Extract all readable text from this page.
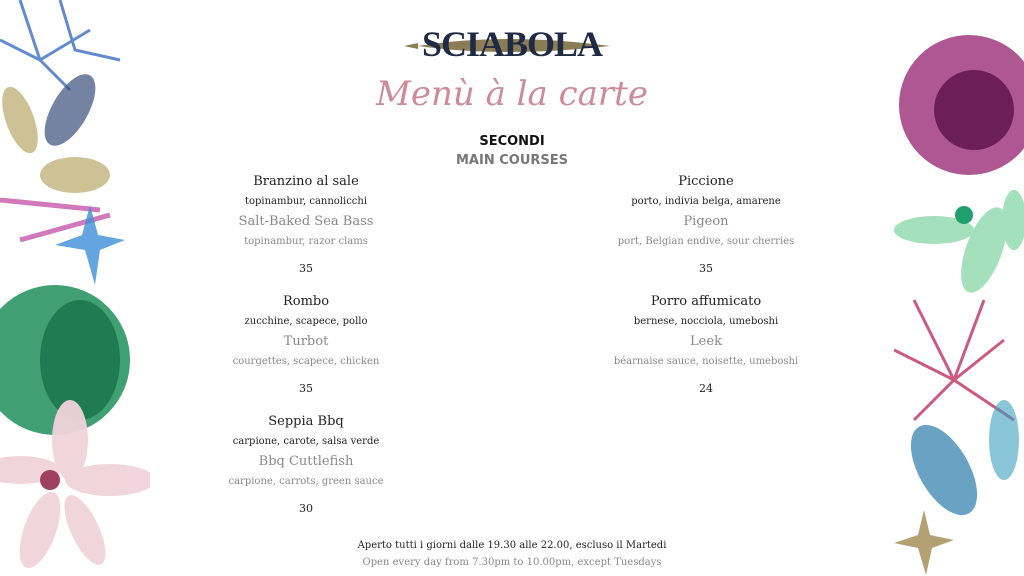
SCIABOLA
Menù à la carte
SECONDI
MAIN COURSES
Branzino al sale
topinambur, cannolicchi
Salt-Baked Sea Bass
topinambur, razor clams
35
Rombo
zucchine, scapece, pollo
Turbot
courgettes, scapece, chicken
35
Seppia Bbq
carpione, carote, salsa verde
Bbq Cuttlefish
carpione, carrots, green sauce
30
Piccione
porto, indivia belga, amarene
Pigeon
port, Belgian endive, sour cherries
35
Porro affumicato
bernese, nocciola, umeboshi
Leek
béarnaise sauce, noisette, umeboshi
24
Aperto tutti i giorni dalle 19.30 alle 22.00, escluso il Martedi
Open every day from 7.30pm to 10.00pm, except Tuesdays
